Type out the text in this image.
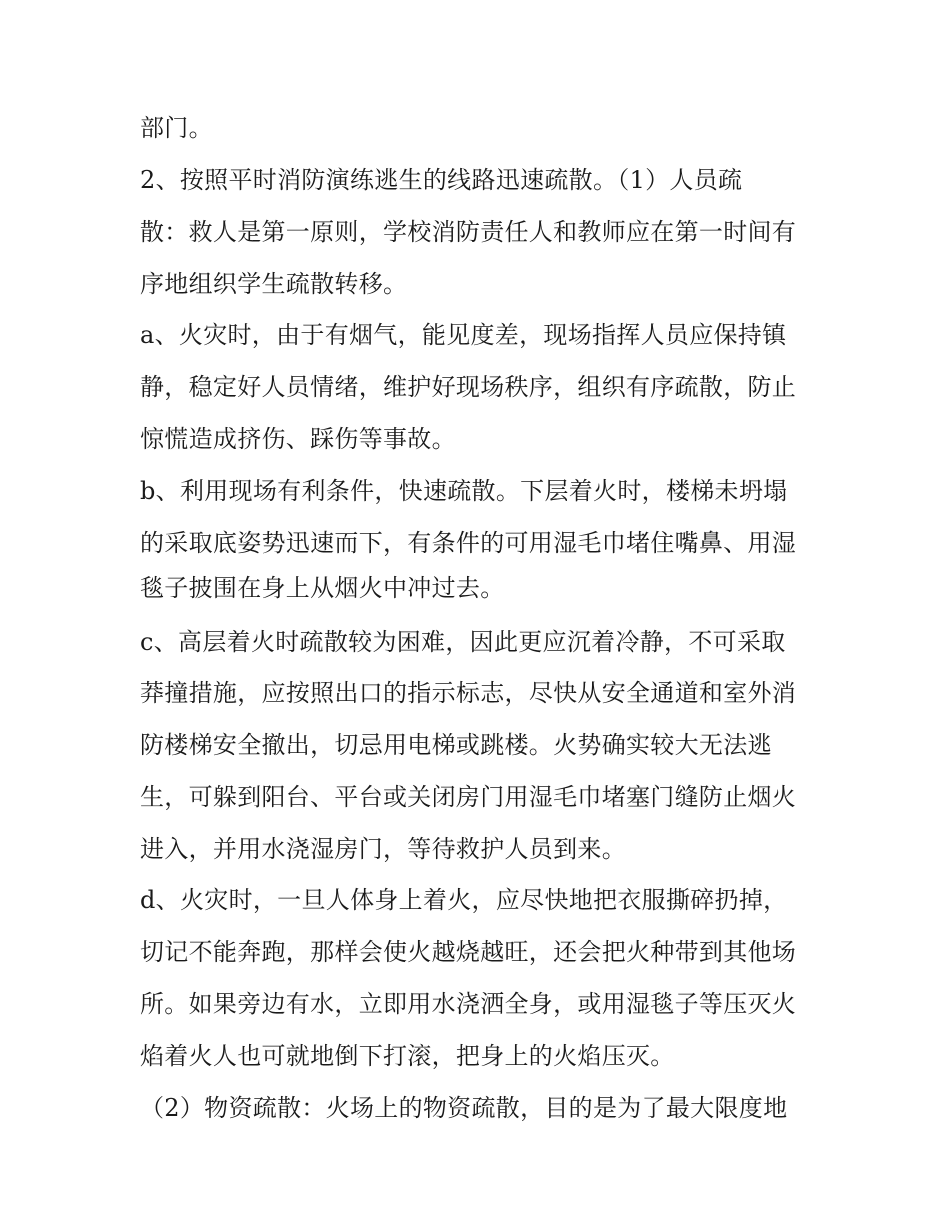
部门。

2、按照平时消防演练逃生的线路迅速疏散。（1）人员疏

散：救人是第一原则，学校消防责任人和教师应在第一时间有

序地组织学生疏散转移。

a、火灾时，由于有烟气，能见度差，现场指挥人员应保持镇

静，稳定好人员情绪，维护好现场秩序，组织有序疏散，防止

惊慌造成挤伤、踩伤等事故。

b、利用现场有利条件，快速疏散。下层着火时，楼梯未坍塌

的采取底姿势迅速而下，有条件的可用湿毛巾堵住嘴鼻、用湿

毯子披围在身上从烟火中冲过去。

c、高层着火时疏散较为困难，因此更应沉着冷静，不可采取

莽撞措施，应按照出口的指示标志，尽快从安全通道和室外消

防楼梯安全撤出，切忌用电梯或跳楼。火势确实较大无法逃

生，可躲到阳台、平台或关闭房门用湿毛巾堵塞门缝防止烟火

进入，并用水浇湿房门，等待救护人员到来。

d、火灾时，一旦人体身上着火，应尽快地把衣服撕碎扔掉，

切记不能奔跑，那样会使火越烧越旺，还会把火种带到其他场

所。如果旁边有水，立即用水浇洒全身，或用湿毯子等压灭火

焰着火人也可就地倒下打滚，把身上的火焰压灭。

（2）物资疏散：火场上的物资疏散，目的是为了最大限度地
